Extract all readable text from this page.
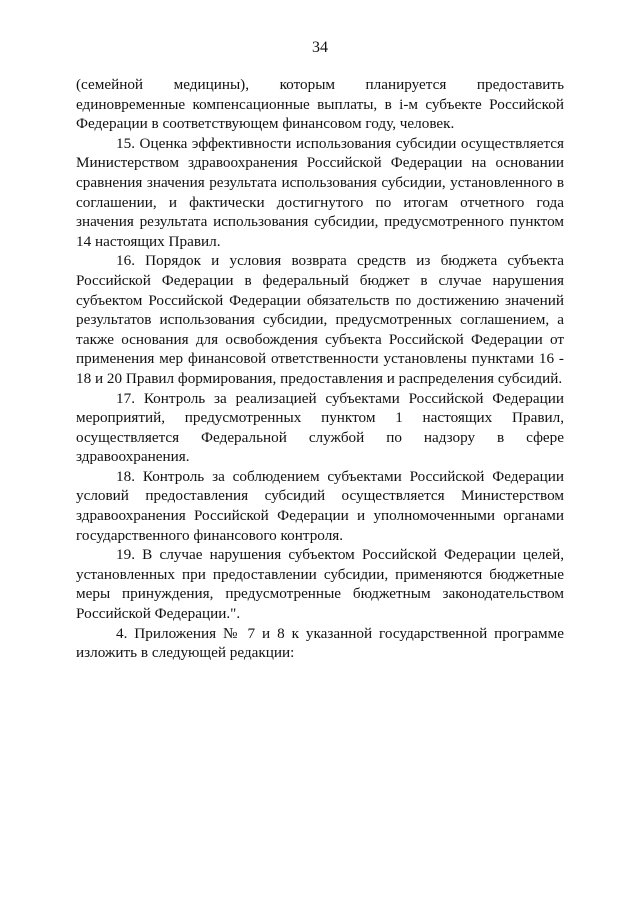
34

(семейной медицины), которым планируется предоставить единовременные компенсационные выплаты, в i-м субъекте Российской Федерации в соответствующем финансовом году, человек.

15. Оценка эффективности использования субсидии осуществляется Министерством здравоохранения Российской Федерации на основании сравнения значения результата использования субсидии, установленного в соглашении, и фактически достигнутого по итогам отчетного года значения результата использования субсидии, предусмотренного пунктом 14 настоящих Правил.

16. Порядок и условия возврата средств из бюджета субъекта Российской Федерации в федеральный бюджет в случае нарушения субъектом Российской Федерации обязательств по достижению значений результатов использования субсидии, предусмотренных соглашением, а также основания для освобождения субъекта Российской Федерации от применения мер финансовой ответственности установлены пунктами 16 - 18 и 20 Правил формирования, предоставления и распределения субсидий.

17. Контроль за реализацией субъектами Российской Федерации мероприятий, предусмотренных пунктом 1 настоящих Правил, осуществляется Федеральной службой по надзору в сфере здравоохранения.

18. Контроль за соблюдением субъектами Российской Федерации условий предоставления субсидий осуществляется Министерством здравоохранения Российской Федерации и уполномоченными органами государственного финансового контроля.

19. В случае нарушения субъектом Российской Федерации целей, установленных при предоставлении субсидии, применяются бюджетные меры принуждения, предусмотренные бюджетным законодательством Российской Федерации.".

4. Приложения № 7 и 8 к указанной государственной программе изложить в следующей редакции:
